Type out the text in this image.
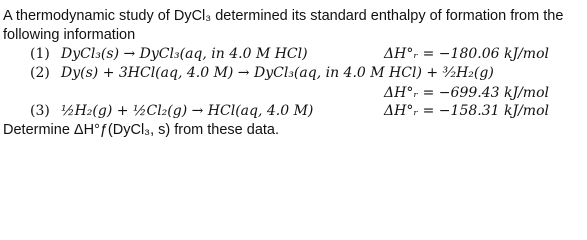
A thermodynamic study of DyCl₃ determined its standard enthalpy of formation from the
following information
(1) DyCl₃(s) → DyCl₃(aq, in 4.0 M HCl)	ΔH°ᵣ = −180.06 kJ/mol
(2) Dy(s) + 3HCl(aq, 4.0 M) → DyCl₃(aq, in 4.0 M HCl) + ³⁄₂H₂(g)
ΔH°ᵣ = −699.43 kJ/mol
(3) ½H₂(g) + ½Cl₂(g) → HCl(aq, 4.0 M)	ΔH°ᵣ = −158.31 kJ/mol
Determine ΔH°ƒ(DyCl₃, s) from these data.
